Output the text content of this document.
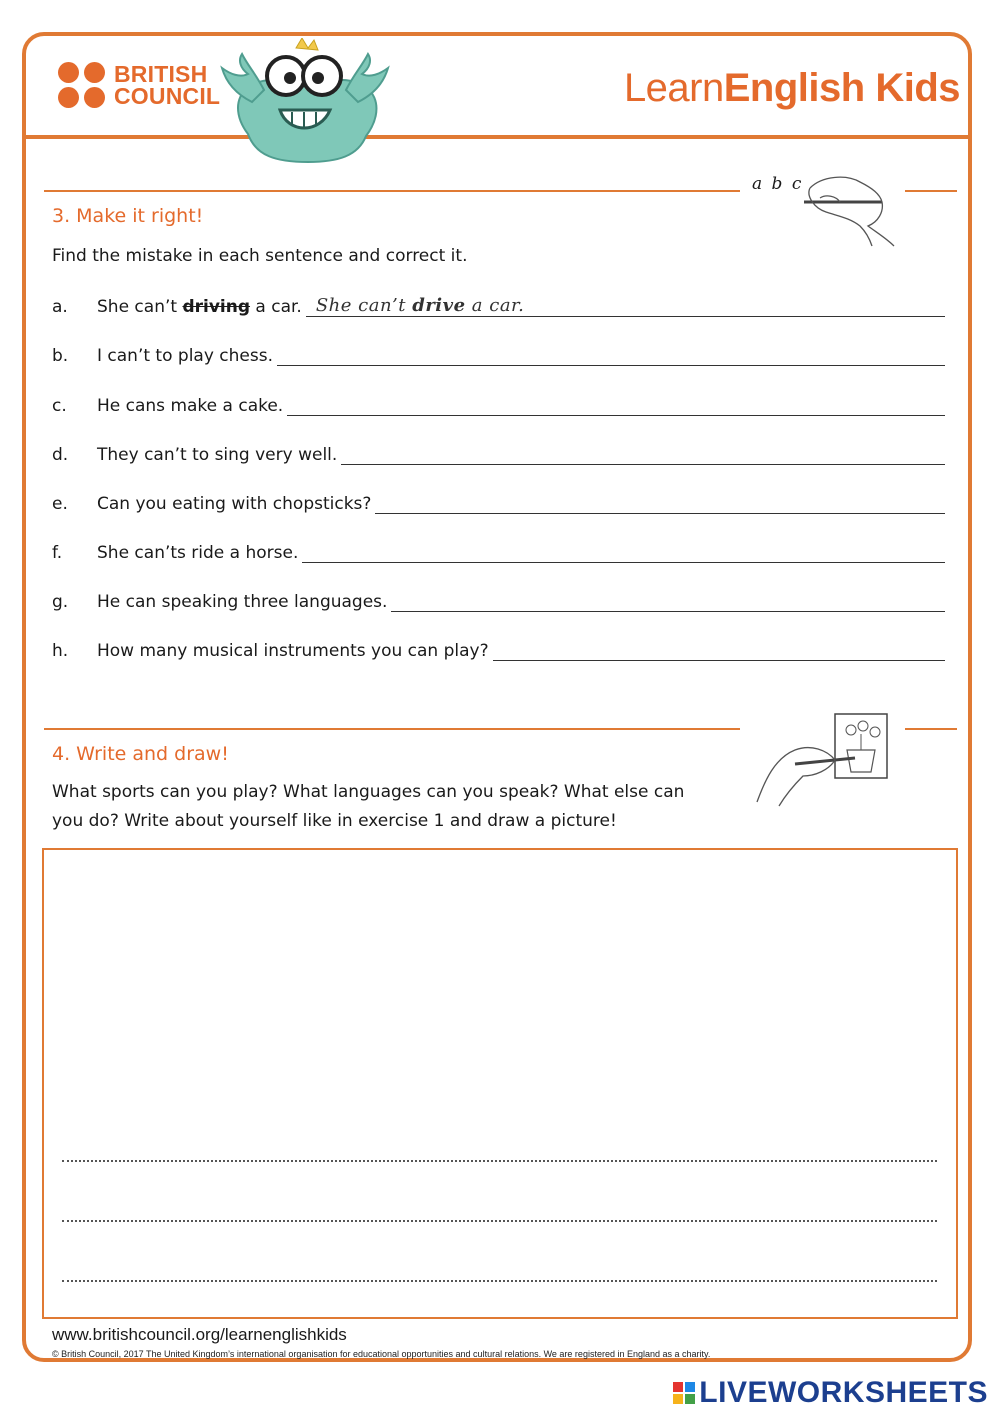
BRITISH
COUNCIL	LearnEnglish Kids
a b c
3. Make it right!
Find the mistake in each sentence and correct it.
a.	She can’t driving a car. She can’t drive a car.
b.	I can’t to play chess.
c.	He cans make a cake.
d.	They can’t to sing very well.
e.	Can you eating with chopsticks?
f.	She can’ts ride a horse.
g.	He can speaking three languages.
h.	How many musical instruments you can play?
4. Write and draw!
What sports can you play? What languages can you speak? What else can
you do? Write about yourself like in exercise 1 and draw a picture!
www.britishcouncil.org/learnenglishkids
© British Council, 2017 The United Kingdom’s international organisation for educational opportunities and cultural relations. We are registered in England as a charity.
LIVEWORKSHEETS
